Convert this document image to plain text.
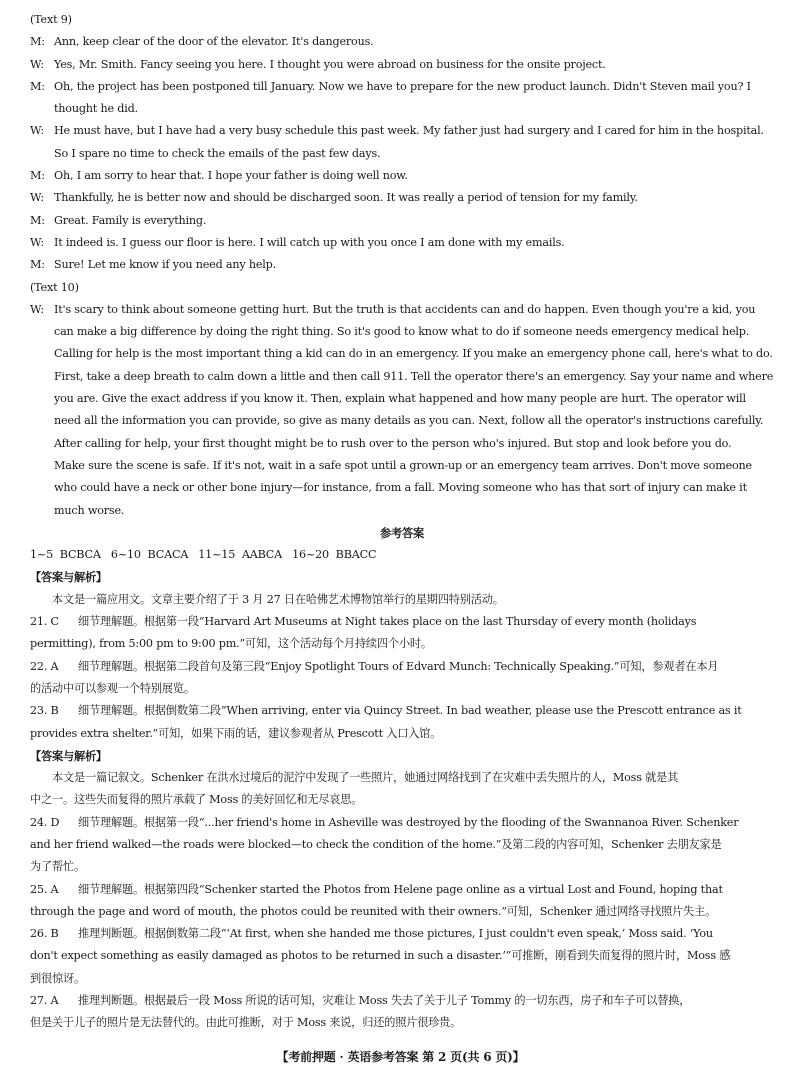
(Text 9)
M: Ann, keep clear of the door of the elevator. It's dangerous.
W: Yes, Mr. Smith. Fancy seeing you here. I thought you were abroad on business for the onsite project.
M: Oh, the project has been postponed till January. Now we have to prepare for the new product launch. Didn't Steven mail you? I
thought he did.
W: He must have, but I have had a very busy schedule this past week. My father just had surgery and I cared for him in the hospital.
So I spare no time to check the emails of the past few days.
M: Oh, I am sorry to hear that. I hope your father is doing well now.
W: Thankfully, he is better now and should be discharged soon. It was really a period of tension for my family.
M: Great. Family is everything.
W: It indeed is. I guess our floor is here. I will catch up with you once I am done with my emails.
M: Sure! Let me know if you need any help.
(Text 10)
W: It's scary to think about someone getting hurt. But the truth is that accidents can and do happen. Even though you're a kid, you
can make a big difference by doing the right thing. So it's good to know what to do if someone needs emergency medical help.
Calling for help is the most important thing a kid can do in an emergency. If you make an emergency phone call, here's what to do.
First, take a deep breath to calm down a little and then call 911. Tell the operator there's an emergency. Say your name and where
you are. Give the exact address if you know it. Then, explain what happened and how many people are hurt. The operator will
need all the information you can provide, so give as many details as you can. Next, follow all the operator's instructions carefully.
After calling for help, your first thought might be to rush over to the person who's injured. But stop and look before you do.
Make sure the scene is safe. If it's not, wait in a safe spot until a grown-up or an emergency team arrives. Don't move someone
who could have a neck or other bone injury—for instance, from a fall. Moving someone who has that sort of injury can make it
much worse.
参考答案
1~5  BCBCA   6~10  BCACA   11~15  AABCA   16~20  BBACC
【答案与解析】
本文是一篇应用文。文章主要介绍了于 3 月 27 日在哈佛艺术博物馆举行的星期四特别活动。
21. C	细节理解题。根据第一段“Harvard Art Museums at Night takes place on the last Thursday of every month (holidays
permitting), from 5:00 pm to 9:00 pm.”可知，这个活动每个月持续四个小时。
22. A	细节理解题。根据第二段首句及第三段“Enjoy Spotlight Tours of Edvard Munch: Technically Speaking.”可知，参观者在本月
的活动中可以参观一个特别展览。
23. B	细节理解题。根据倒数第二段“When arriving, enter via Quincy Street. In bad weather, please use the Prescott entrance as it
provides extra shelter.”可知，如果下雨的话，建议参观者从 Prescott 入口入馆。
【答案与解析】
本文是一篇记叙文。Schenker 在洪水过境后的泥泞中发现了一些照片，她通过网络找到了在灾难中丢失照片的人，Moss 就是其
中之一。这些失而复得的照片承载了 Moss 的美好回忆和无尽哀思。
24. D	细节理解题。根据第一段“...her friend's home in Asheville was destroyed by the flooding of the Swannanoa River. Schenker
and her friend walked—the roads were blocked—to check the condition of the home.”及第二段的内容可知，Schenker 去朋友家是
为了帮忙。
25. A	细节理解题。根据第四段“Schenker started the Photos from Helene page online as a virtual Lost and Found, hoping that
through the page and word of mouth, the photos could be reunited with their owners.”可知，Schenker 通过网络寻找照片失主。
26. B	推理判断题。根据倒数第二段“‘At first, when she handed me those pictures, I just couldn't even speak,’ Moss said. ‘You
don't expect something as easily damaged as photos to be returned in such a disaster.’”可推断，刚看到失而复得的照片时，Moss 感
到很惊讶。
27. A	推理判断题。根据最后一段 Moss 所说的话可知，灾难让 Moss 失去了关于儿子 Tommy 的一切东西，房子和车子可以替换，
但是关于儿子的照片是无法替代的。由此可推断，对于 Moss 来说，归还的照片很珍贵。
【考前押题 · 英语参考答案 第 2 页(共 6 页)】
